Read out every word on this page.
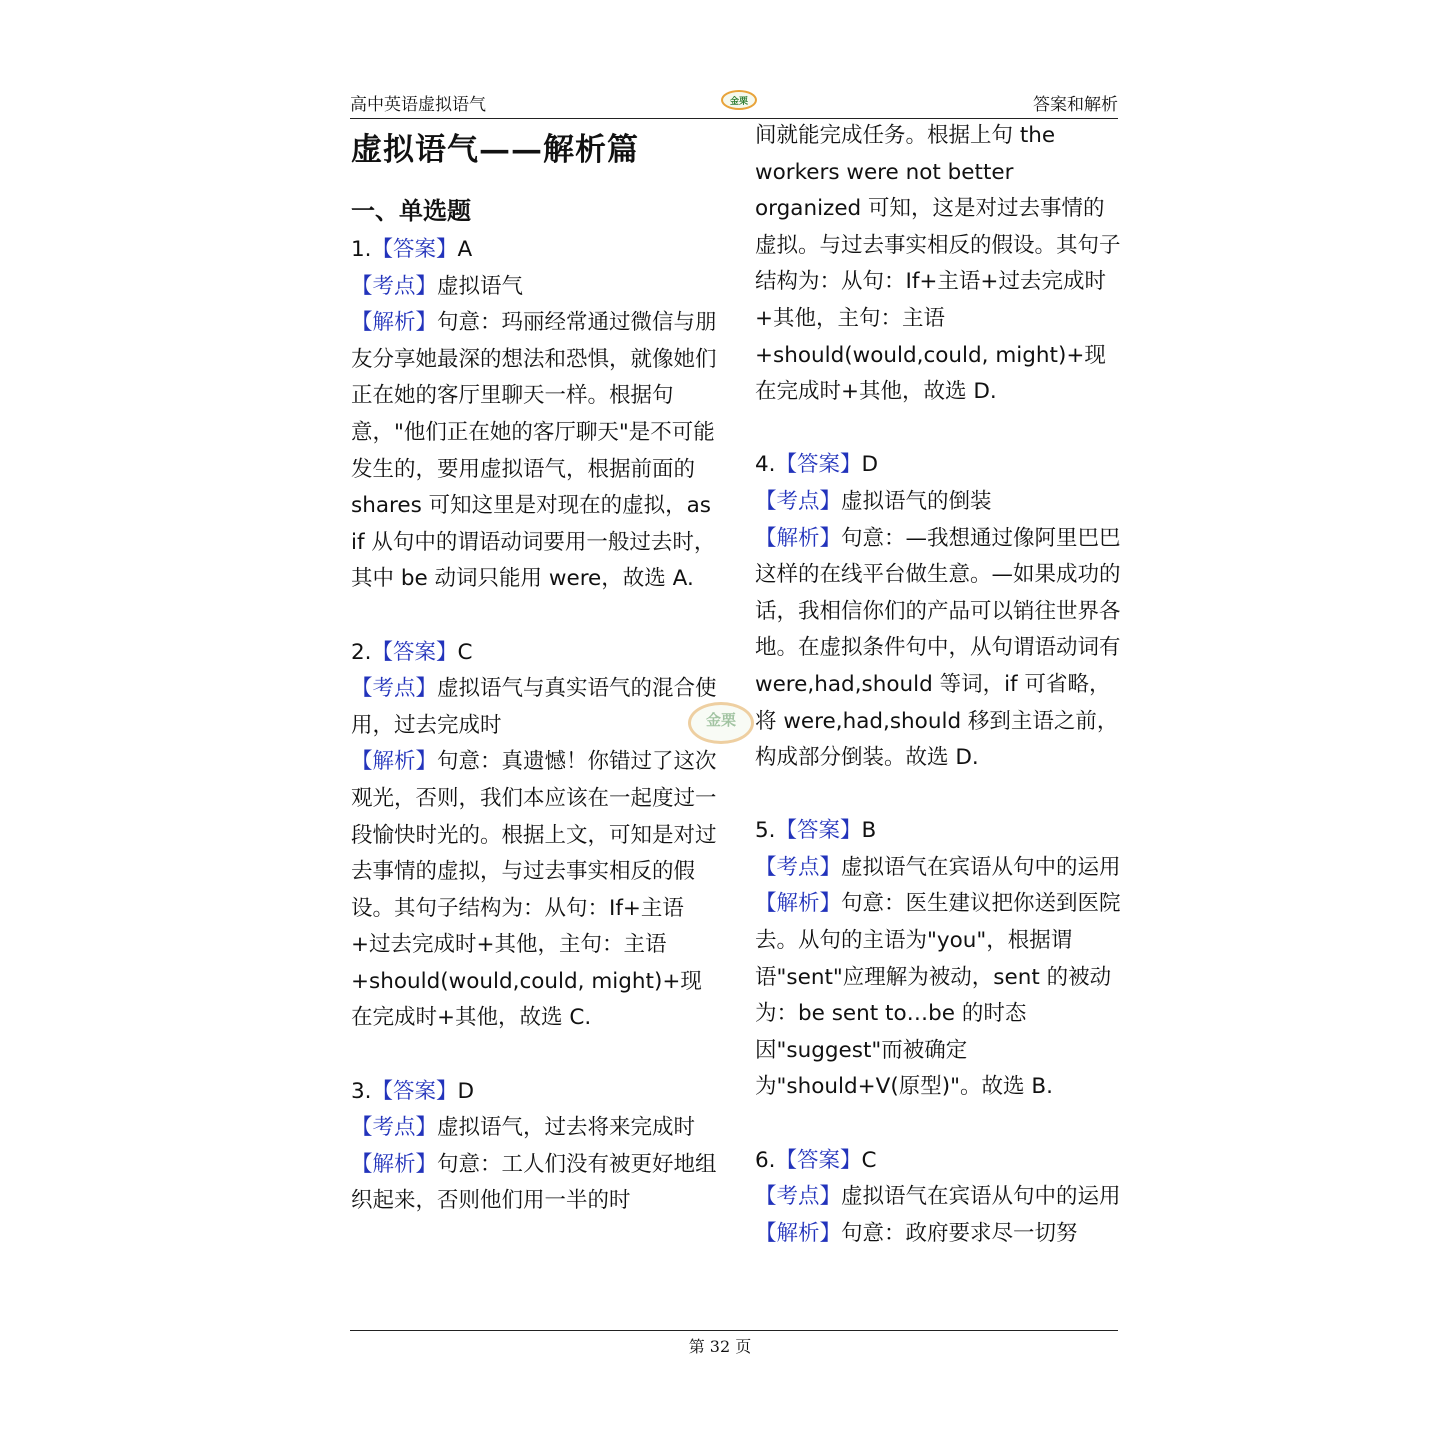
高中英语虚拟语气	金栗	答案和解析
虚拟语气——解析篇
一、单选题
1.【答案】A
【考点】虚拟语气
【解析】句意：玛丽经常通过微信与朋友分享她最深的想法和恐惧，就像她们正在她的客厅里聊天一样。根据句意，"他们正在她的客厅聊天"是不可能发生的，要用虚拟语气，根据前面的 shares 可知这里是对现在的虚拟，as if 从句中的谓语动词要用一般过去时，其中 be 动词只能用 were，故选 A.
2.【答案】C
【考点】虚拟语气与真实语气的混合使用，过去完成时
【解析】句意：真遗憾！你错过了这次观光，否则，我们本应该在一起度过一段愉快时光的。根据上文，可知是对过去事情的虚拟，与过去事实相反的假设。其句子结构为：从句：If+主语+过去完成时+其他，主句：主语+should(would,could, might)+现在完成时+其他，故选 C.
3.【答案】D
【考点】虚拟语气，过去将来完成时
【解析】句意：工人们没有被更好地组织起来，否则他们用一半的时
间就能完成任务。根据上句 the workers were not better organized 可知，这是对过去事情的虚拟。与过去事实相反的假设。其句子结构为：从句：If+主语+过去完成时+其他，主句：主语+should(would,could, might)+现在完成时+其他，故选 D.
4.【答案】D
【考点】虚拟语气的倒装
【解析】句意：—我想通过像阿里巴巴这样的在线平台做生意。—如果成功的话，我相信你们的产品可以销往世界各地。在虚拟条件句中，从句谓语动词有 were,had,should 等词，if 可省略，将 were,had,should 移到主语之前，构成部分倒装。故选 D.
5.【答案】B
【考点】虚拟语气在宾语从句中的运用
【解析】句意：医生建议把你送到医院去。从句的主语为"you"，根据谓语"sent"应理解为被动，sent 的被动为：be sent to…be 的时态因"suggest"而被确定为"should+V(原型)"。故选 B.
6.【答案】C
【考点】虚拟语气在宾语从句中的运用
【解析】句意：政府要求尽一切努
金栗
第 32 页
